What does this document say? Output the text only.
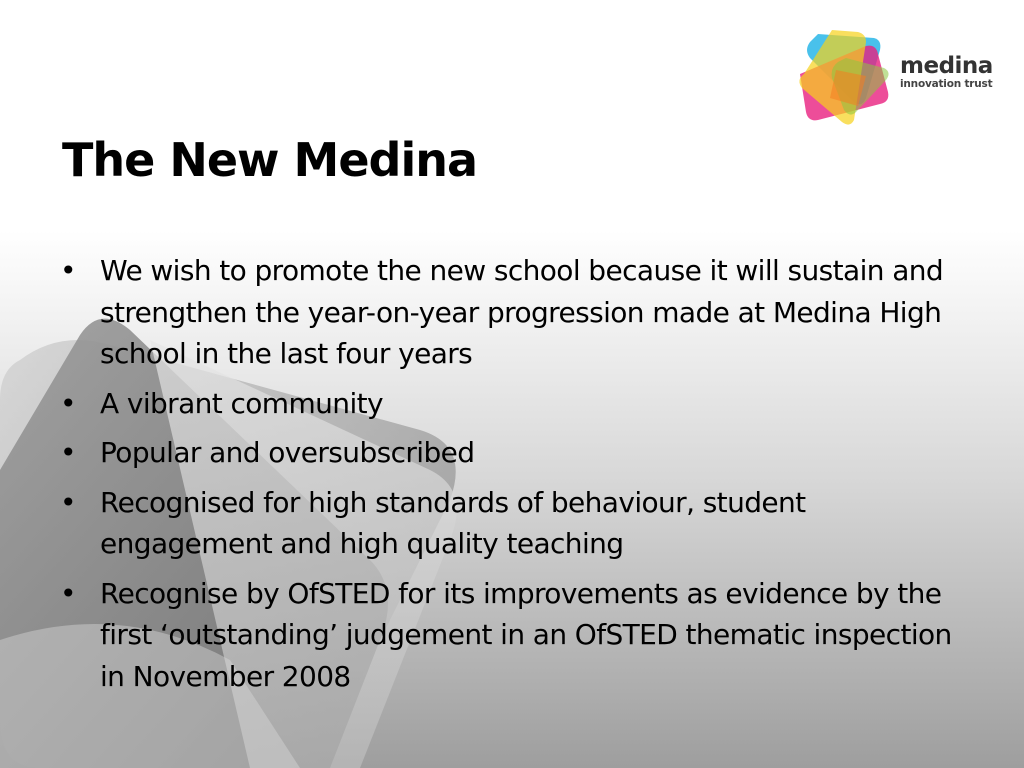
medina
innovation trust
The New Medina
• We wish to promote the new school because it will sustain and strengthen the year-on-year progression made at Medina High school in the last four years
• A vibrant community
• Popular and oversubscribed
• Recognised for high standards of behaviour, student engagement and high quality teaching
• Recognise by OfSTED for its improvements as evidence by the first ‘outstanding’ judgement in an OfSTED thematic inspection in November 2008
